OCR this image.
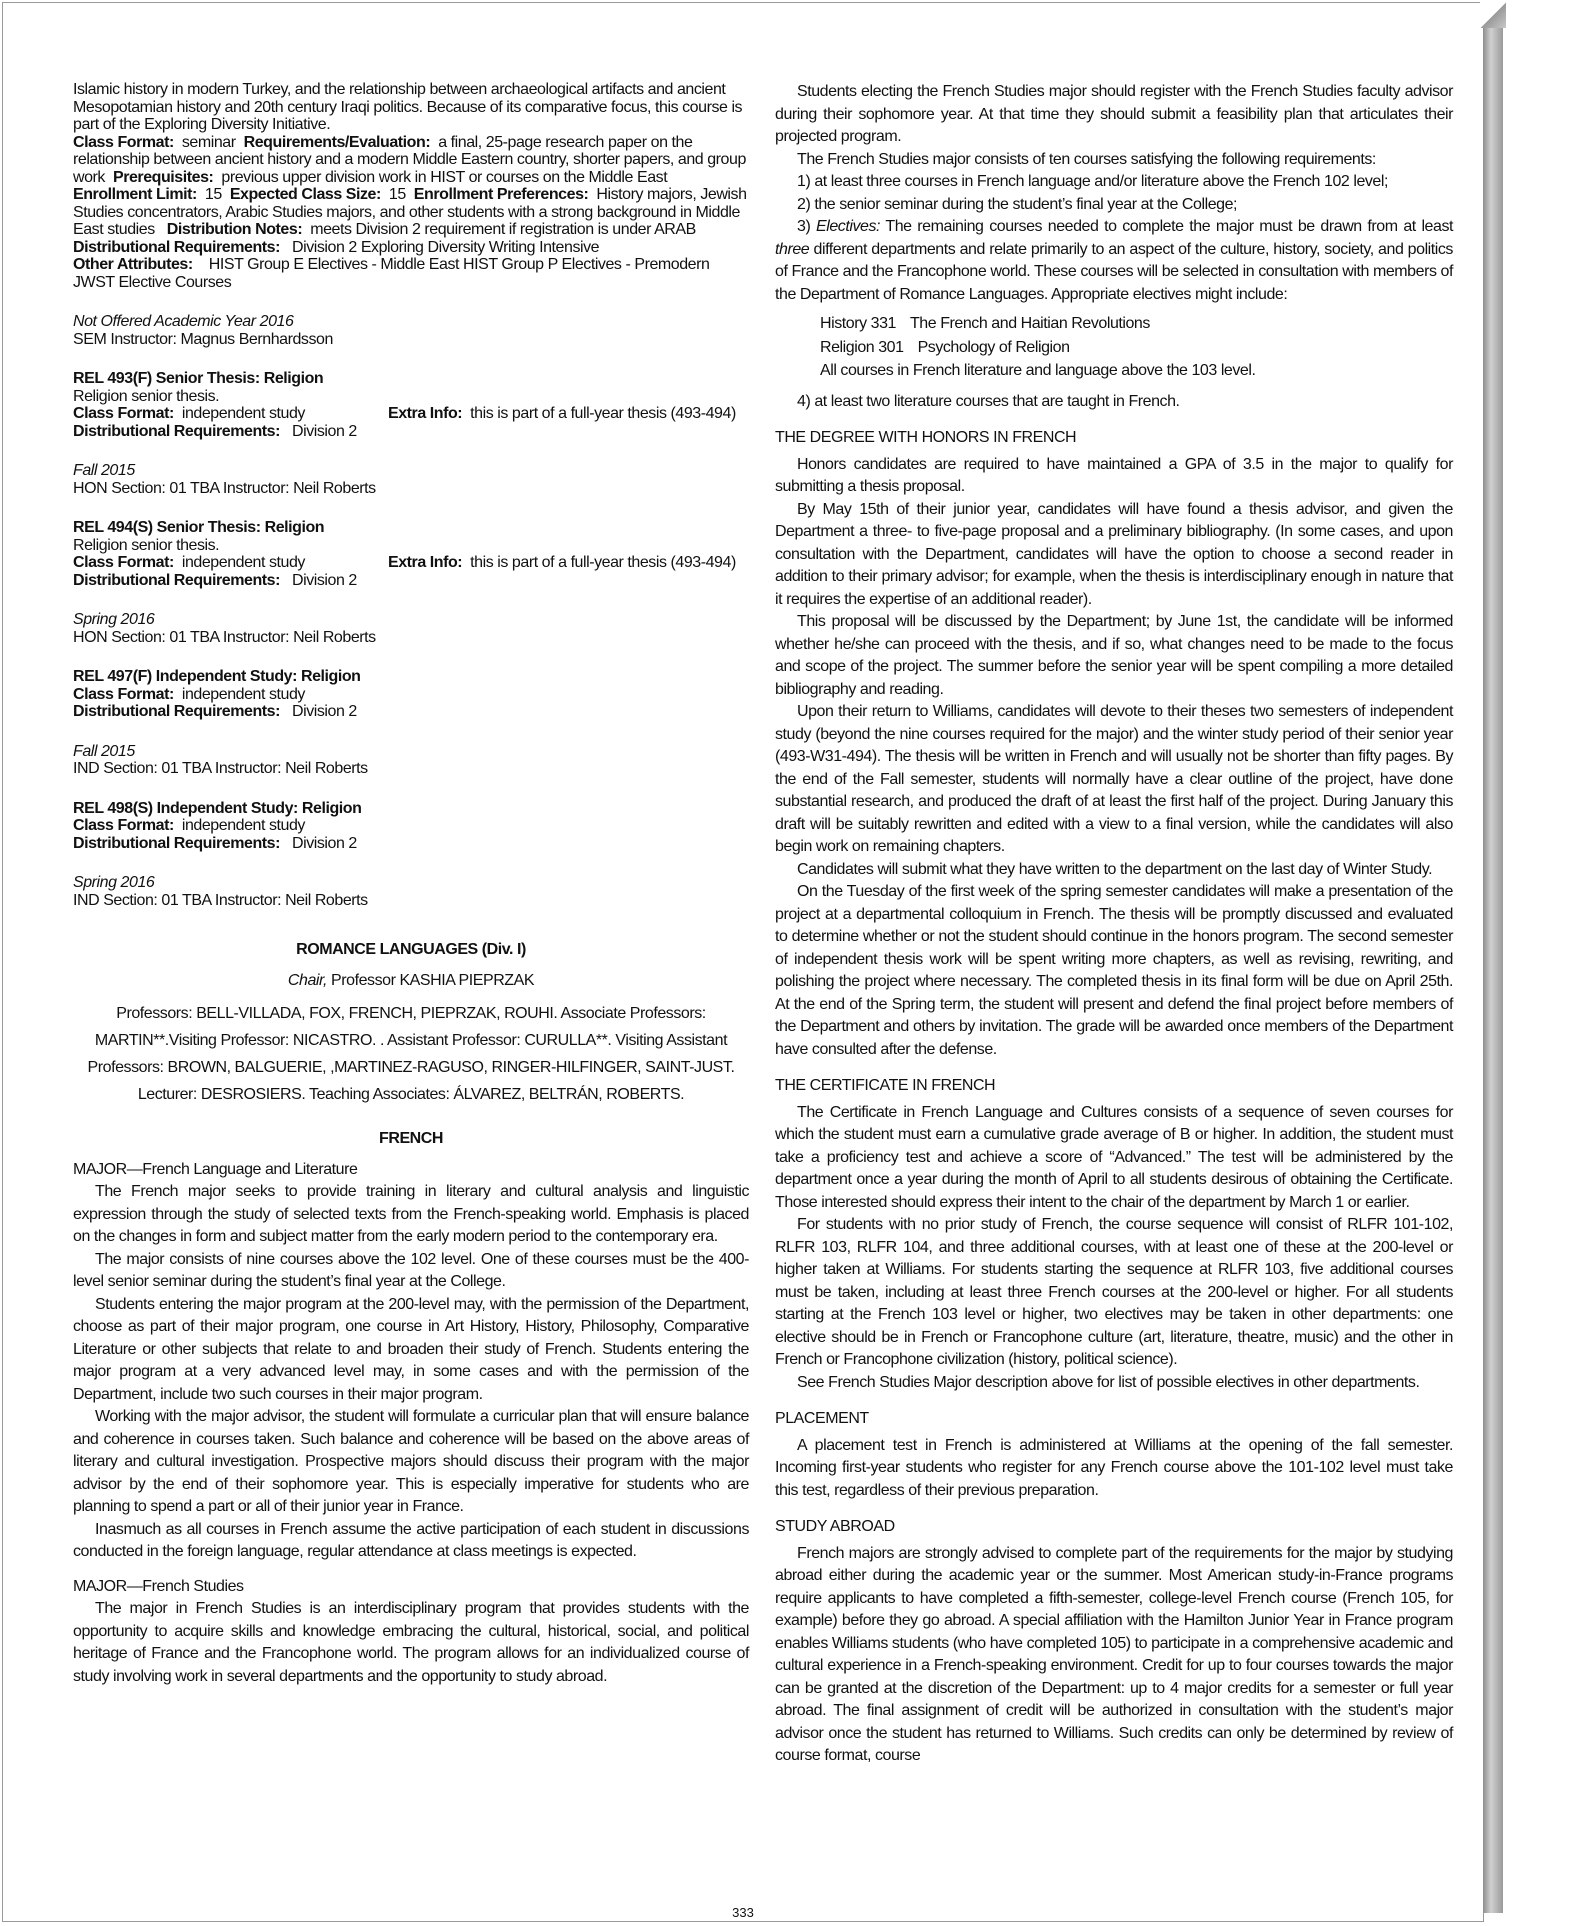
Islamic history in modern Turkey, and the relationship between archaeological artifacts and ancient Mesopotamian history and 20th century Iraqi politics. Because of its comparative focus, this course is part of the Exploring Diversity Initiative.

Class Format: seminar Requirements/Evaluation: a final, 25-page research paper on the relationship between ancient history and a modern Middle Eastern country, shorter papers, and group work Prerequisites: previous upper division work in HIST or courses on the Middle East

Enrollment Limit: 15 Expected Class Size: 15 Enrollment Preferences: History majors, Jewish Studies concentrators, Arabic Studies majors, and other students with a strong background in Middle East studies Distribution Notes: meets Division 2 requirement if registration is under ARAB

Distributional Requirements: Division 2 Exploring Diversity Writing Intensive

Other Attributes: HIST Group E Electives - Middle East HIST Group P Electives - Premodern JWST Elective Courses

Not Offered Academic Year 2016

SEM Instructor: Magnus Bernhardsson

REL 493(F) Senior Thesis: Religion

Religion senior thesis.

Class Format: independent study	Extra Info: this is part of a full-year thesis (493-494)

Distributional Requirements: Division 2

Fall 2015

HON Section: 01 TBA Instructor: Neil Roberts

REL 494(S) Senior Thesis: Religion

Religion senior thesis.

Class Format: independent study	Extra Info: this is part of a full-year thesis (493-494)

Distributional Requirements: Division 2

Spring 2016

HON Section: 01 TBA Instructor: Neil Roberts

REL 497(F) Independent Study: Religion

Class Format: independent study

Distributional Requirements: Division 2

Fall 2015

IND Section: 01 TBA Instructor: Neil Roberts

REL 498(S) Independent Study: Religion

Class Format: independent study

Distributional Requirements: Division 2

Spring 2016

IND Section: 01 TBA Instructor: Neil Roberts

ROMANCE LANGUAGES (Div. I)

Chair, Professor KASHIA PIEPRZAK

Professors: BELL-VILLADA, FOX, FRENCH, PIEPRZAK, ROUHI. Associate Professors: MARTIN**.Visiting Professor: NICASTRO. . Assistant Professor: CURULLA**. Visiting Assistant Professors: BROWN, BALGUERIE, ,MARTINEZ-RAGUSO, RINGER-HILFINGER, SAINT-JUST. Lecturer: DESROSIERS. Teaching Associates: ÁLVAREZ, BELTRÁN, ROBERTS.

FRENCH

MAJOR—French Language and Literature

The French major seeks to provide training in literary and cultural analysis and linguistic expression through the study of selected texts from the French-speaking world. Emphasis is placed on the changes in form and subject matter from the early modern period to the contemporary era.

The major consists of nine courses above the 102 level. One of these courses must be the 400-level senior seminar during the student’s final year at the College.

Students entering the major program at the 200-level may, with the permission of the Department, choose as part of their major program, one course in Art History, History, Philosophy, Comparative Literature or other subjects that relate to and broaden their study of French. Students entering the major program at a very advanced level may, in some cases and with the permission of the Department, include two such courses in their major program.

Working with the major advisor, the student will formulate a curricular plan that will ensure balance and coherence in courses taken. Such balance and coherence will be based on the above areas of literary and cultural investigation. Prospective majors should discuss their program with the major advisor by the end of their sophomore year. This is especially imperative for students who are planning to spend a part or all of their junior year in France.

Inasmuch as all courses in French assume the active participation of each student in discussions conducted in the foreign language, regular attendance at class meetings is expected.

MAJOR—French Studies

The major in French Studies is an interdisciplinary program that provides students with the opportunity to acquire skills and knowledge embracing the cultural, historical, social, and political heritage of France and the Francophone world. The program allows for an individualized course of study involving work in several departments and the opportunity to study abroad.

Students electing the French Studies major should register with the French Studies faculty advisor during their sophomore year. At that time they should submit a feasibility plan that articulates their projected program.

The French Studies major consists of ten courses satisfying the following requirements:

1) at least three courses in French language and/or literature above the French 102 level;

2) the senior seminar during the student’s final year at the College;

3) Electives: The remaining courses needed to complete the major must be drawn from at least three different departments and relate primarily to an aspect of the culture, history, society, and politics of France and the Francophone world. These courses will be selected in consultation with members of the Department of Romance Languages. Appropriate electives might include:

History 331 The French and Haitian Revolutions
Religion 301 Psychology of Religion
All courses in French literature and language above the 103 level.

4) at least two literature courses that are taught in French.

THE DEGREE WITH HONORS IN FRENCH

Honors candidates are required to have maintained a GPA of 3.5 in the major to qualify for submitting a thesis proposal.

By May 15th of their junior year, candidates will have found a thesis advisor, and given the Department a three- to five-page proposal and a preliminary bibliography. (In some cases, and upon consultation with the Department, candidates will have the option to choose a second reader in addition to their primary advisor; for example, when the thesis is interdisciplinary enough in nature that it requires the expertise of an additional reader).

This proposal will be discussed by the Department; by June 1st, the candidate will be informed whether he/she can proceed with the thesis, and if so, what changes need to be made to the focus and scope of the project. The summer before the senior year will be spent compiling a more detailed bibliography and reading.

Upon their return to Williams, candidates will devote to their theses two semesters of independent study (beyond the nine courses required for the major) and the winter study period of their senior year (493-W31-494). The thesis will be written in French and will usually not be shorter than fifty pages. By the end of the Fall semester, students will normally have a clear outline of the project, have done substantial research, and produced the draft of at least the first half of the project. During January this draft will be suitably rewritten and edited with a view to a final version, while the candidates will also begin work on remaining chapters.

Candidates will submit what they have written to the department on the last day of Winter Study.

On the Tuesday of the first week of the spring semester candidates will make a presentation of the project at a departmental colloquium in French. The thesis will be promptly discussed and evaluated to determine whether or not the student should continue in the honors program. The second semester of independent thesis work will be spent writing more chapters, as well as revising, rewriting, and polishing the project where necessary. The completed thesis in its final form will be due on April 25th. At the end of the Spring term, the student will present and defend the final project before members of the Department and others by invitation. The grade will be awarded once members of the Department have consulted after the defense.

THE CERTIFICATE IN FRENCH

The Certificate in French Language and Cultures consists of a sequence of seven courses for which the student must earn a cumulative grade average of B or higher. In addition, the student must take a proficiency test and achieve a score of “Advanced.” The test will be administered by the department once a year during the month of April to all students desirous of obtaining the Certificate. Those interested should express their intent to the chair of the department by March 1 or earlier.

For students with no prior study of French, the course sequence will consist of RLFR 101-102, RLFR 103, RLFR 104, and three additional courses, with at least one of these at the 200-level or higher taken at Williams. For students starting the sequence at RLFR 103, five additional courses must be taken, including at least three French courses at the 200-level or higher. For all students starting at the French 103 level or higher, two electives may be taken in other departments: one elective should be in French or Francophone culture (art, literature, theatre, music) and the other in French or Francophone civilization (history, political science).

See French Studies Major description above for list of possible electives in other departments.

PLACEMENT

A placement test in French is administered at Williams at the opening of the fall semester. Incoming first-year students who register for any French course above the 101-102 level must take this test, regardless of their previous preparation.

STUDY ABROAD

French majors are strongly advised to complete part of the requirements for the major by studying abroad either during the academic year or the summer. Most American study-in-France programs require applicants to have completed a fifth-semester, college-level French course (French 105, for example) before they go abroad. A special affiliation with the Hamilton Junior Year in France program enables Williams students (who have completed 105) to participate in a comprehensive academic and cultural experience in a French-speaking environment. Credit for up to four courses towards the major can be granted at the discretion of the Department: up to 4 major credits for a semester or full year abroad. The final assignment of credit will be authorized in consultation with the student’s major advisor once the student has returned to Williams. Such credits can only be determined by review of course format, course

333
